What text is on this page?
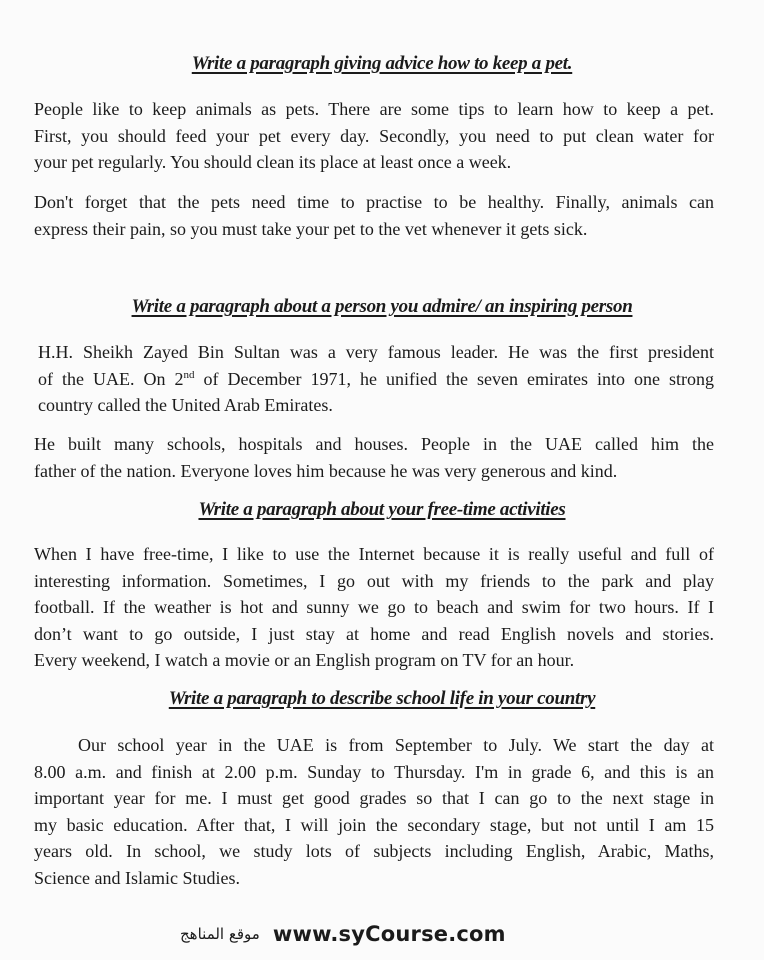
Write a paragraph giving advice how to keep a pet.
People like to keep animals as pets. There are some tips to learn how to keep a pet.
First, you should feed your pet every day. Secondly, you need to put clean water for
your pet regularly. You should clean its place at least once a week.
Don't forget that the pets need time to practise to be healthy. Finally, animals can
express their pain, so you must take your pet to the vet whenever it gets sick.
Write a paragraph about a person you admire/ an inspiring person
H.H. Sheikh Zayed Bin Sultan was a very famous leader. He was the first president
of the UAE. On 2nd of December 1971, he unified the seven emirates into one strong
country called the United Arab Emirates.
He built many schools, hospitals and houses. People in the UAE called him the
father of the nation. Everyone loves him because he was very generous and kind.
Write a paragraph about your free-time activities
When I have free-time, I like to use the Internet because it is really useful and full of
interesting information. Sometimes, I go out with my friends to the park and play
football. If the weather is hot and sunny we go to beach and swim for two hours. If I
don’t want to go outside, I just stay at home and read English novels and stories.
Every weekend, I watch a movie or an English program on TV for an hour.
Write a paragraph to describe school life in your country
Our school year in the UAE is from September to July. We start the day at
8.00 a.m. and finish at 2.00 p.m. Sunday to Thursday. I'm in grade 6, and this is an
important year for me. I must get good grades so that I can go to the next stage in
my basic education. After that, I will join the secondary stage, but not until I am 15
years old. In school, we study lots of subjects including English, Arabic, Maths,
Science and Islamic Studies.
موقع المناهج www.syCourse.com
